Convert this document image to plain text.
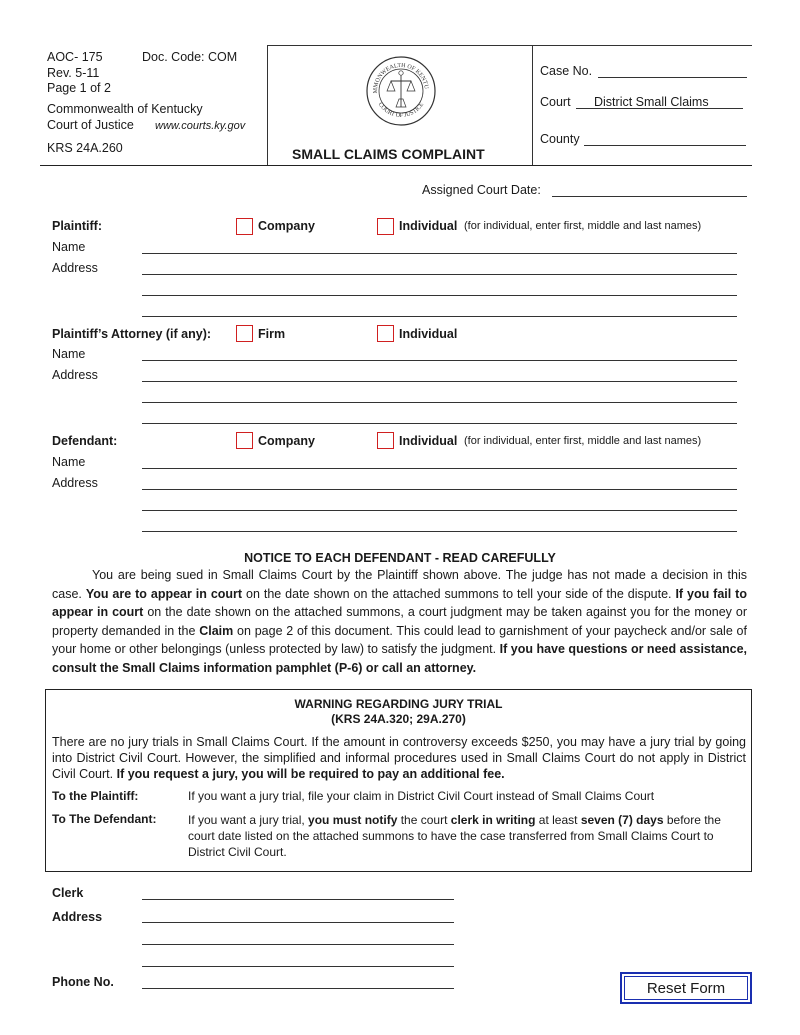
AOC- 175	Doc. Code: COM
Rev. 5-11
Page 1 of 2
Commonwealth of Kentucky
Court of Justice www.courts.ky.gov
KRS 24A.260
MMONWEALTH OF KENTU
COURT OF JUSTICE
SMALL CLAIMS COMPLAINT
Case No.
Court District Small Claims
County
Assigned Court Date:
Plaintiff:	Company	Individual (for individual, enter first, middle and last names)
Name
Address
Plaintiff’s Attorney (if any):	Firm	Individual
Name
Address
Defendant:	Company	Individual (for individual, enter first, middle and last names)
Name
Address
NOTICE TO EACH DEFENDANT - READ CAREFULLY

You are being sued in Small Claims Court by the Plaintiff shown above. The judge has not made a decision in this case. You are to appear in court on the date shown on the attached summons to tell your side of the dispute. If you fail to appear in court on the date shown on the attached summons, a court judgment may be taken against you for the money or property demanded in the Claim on page 2 of this document. This could lead to garnishment of your paycheck and/or sale of your home or other belongings (unless protected by law) to satisfy the judgment. If you have questions or need assistance, consult the Small Claims information pamphlet (P-6) or call an attorney.

WARNING REGARDING JURY TRIAL
(KRS 24A.320; 29A.270)
There are no jury trials in Small Claims Court. If the amount in controversy exceeds $250, you may have a jury trial by going into District Civil Court. However, the simplified and informal procedures used in Small Claims Court do not apply in District Civil Court. If you request a jury, you will be required to pay an additional fee.
To the Plaintiff:	If you want a jury trial, file your claim in District Civil Court instead of Small Claims Court
To The Defendant:	If you want a jury trial, you must notify the court clerk in writing at least seven (7) days before the court date listed on the attached summons to have the case transferred from Small Claims Court to District Civil Court.
Clerk
Address
Phone No.	Reset Form
